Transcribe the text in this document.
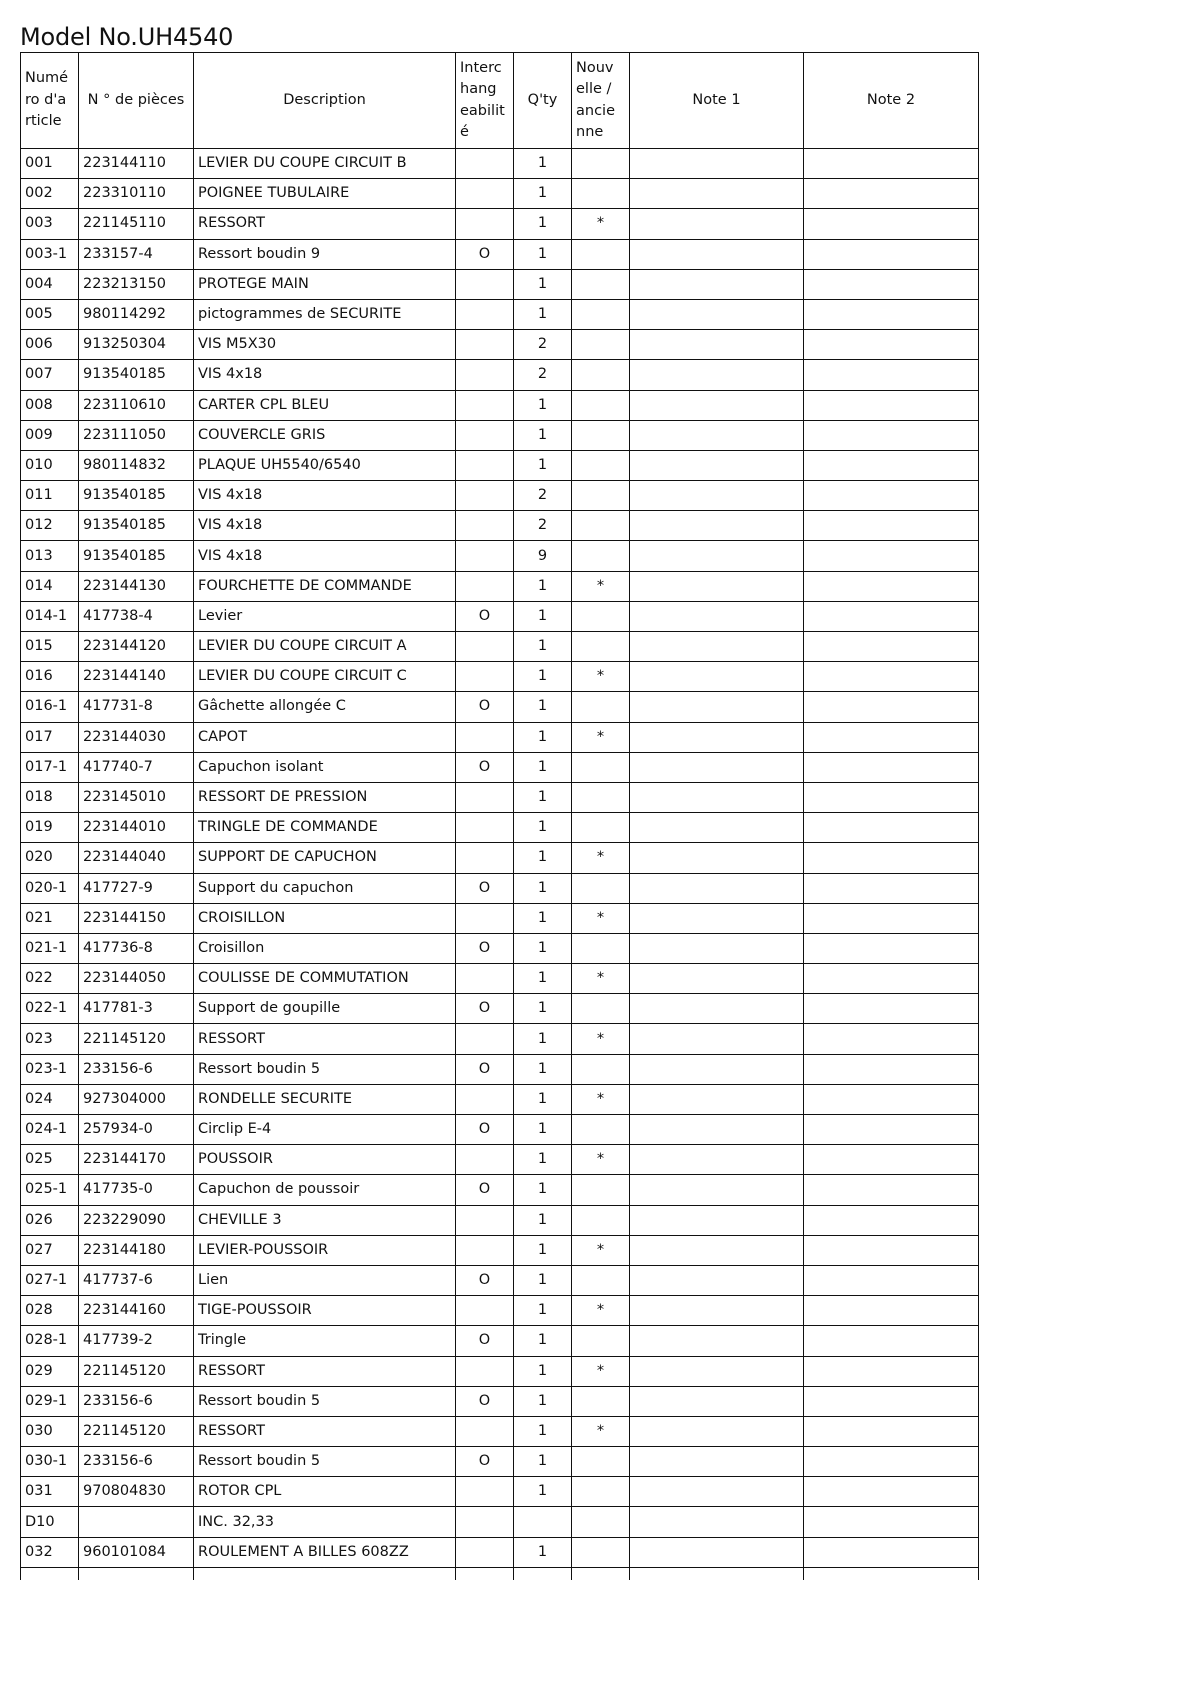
Model No.UH4540
Numé ro d'a rticle	N ° de pièces	Description	Interc hang eabilit é	Q'ty	Nouv elle / ancie nne	Note 1	Note 2
001	223144110	LEVIER DU COUPE CIRCUIT B		1			
002	223310110	POIGNEE TUBULAIRE		1			
003	221145110	RESSORT		1	*		
003-1	233157-4	Ressort boudin 9	O	1			
004	223213150	PROTEGE MAIN		1			
005	980114292	pictogrammes de SECURITE		1			
006	913250304	VIS M5X30		2			
007	913540185	VIS 4x18		2			
008	223110610	CARTER CPL BLEU		1			
009	223111050	COUVERCLE GRIS		1			
010	980114832	PLAQUE UH5540/6540		1			
011	913540185	VIS 4x18		2			
012	913540185	VIS 4x18		2			
013	913540185	VIS 4x18		9			
014	223144130	FOURCHETTE DE COMMANDE		1	*		
014-1	417738-4	Levier	O	1			
015	223144120	LEVIER DU COUPE CIRCUIT A		1			
016	223144140	LEVIER DU COUPE CIRCUIT C		1	*		
016-1	417731-8	Gâchette allongée C	O	1			
017	223144030	CAPOT		1	*		
017-1	417740-7	Capuchon isolant	O	1			
018	223145010	RESSORT DE PRESSION		1			
019	223144010	TRINGLE DE COMMANDE		1			
020	223144040	SUPPORT DE CAPUCHON		1	*		
020-1	417727-9	Support du capuchon	O	1			
021	223144150	CROISILLON		1	*		
021-1	417736-8	Croisillon	O	1			
022	223144050	COULISSE DE COMMUTATION		1	*		
022-1	417781-3	Support de goupille	O	1			
023	221145120	RESSORT		1	*		
023-1	233156-6	Ressort boudin 5	O	1			
024	927304000	RONDELLE SECURITE		1	*		
024-1	257934-0	Circlip E-4	O	1			
025	223144170	POUSSOIR		1	*		
025-1	417735-0	Capuchon de poussoir	O	1			
026	223229090	CHEVILLE 3		1			
027	223144180	LEVIER-POUSSOIR		1	*		
027-1	417737-6	Lien	O	1			
028	223144160	TIGE-POUSSOIR		1	*		
028-1	417739-2	Tringle	O	1			
029	221145120	RESSORT		1	*		
029-1	233156-6	Ressort boudin 5	O	1			
030	221145120	RESSORT		1	*		
030-1	233156-6	Ressort boudin 5	O	1			
031	970804830	ROTOR CPL		1			
D10		INC. 32,33					
032	960101084	ROULEMENT A BILLES 608ZZ		1			
